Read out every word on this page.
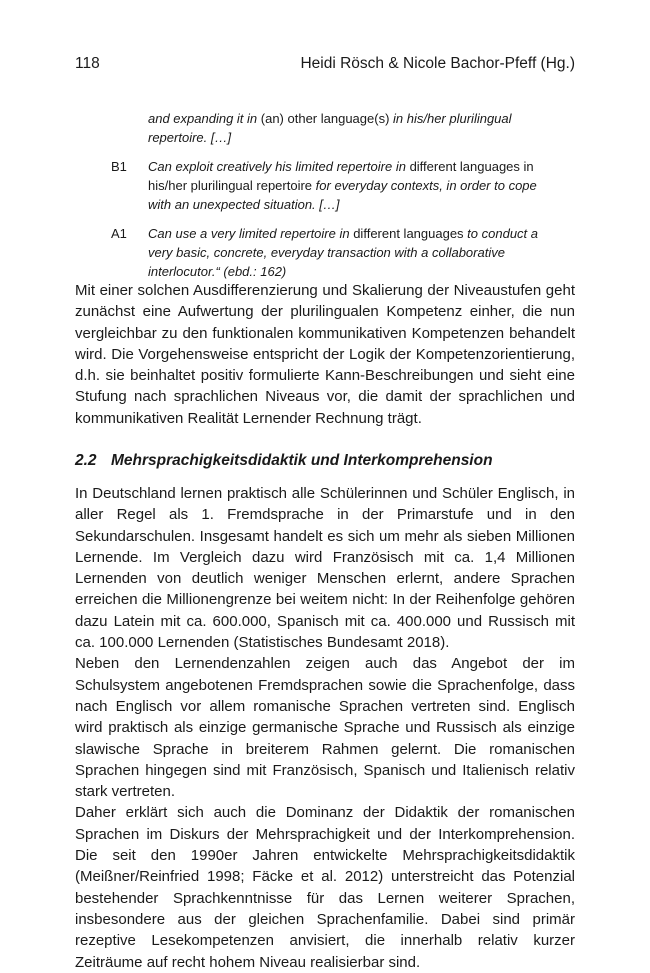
118	Heidi Rösch & Nicole Bachor-Pfeff (Hg.)

and expanding it in (an) other language(s) in his/her plurilingual repertoire. […]

B1	Can exploit creatively his limited repertoire in different languages in his/her plurilingual repertoire for everyday contexts, in order to cope with an unexpected situation. […]
A1	Can use a very limited repertoire in different languages to conduct a very basic, concrete, everyday transaction with a collaborative interlocutor.“ (ebd.: 162)

Mit einer solchen Ausdifferenzierung und Skalierung der Niveaustufen geht zunächst eine Aufwertung der plurilingualen Kompetenz einher, die nun vergleichbar zu den funktionalen kommunikativen Kompetenzen behandelt wird. Die Vorgehensweise entspricht der Logik der Kompetenzorientierung, d.h. sie beinhaltet positiv formulierte Kann-Beschreibungen und sieht eine Stufung nach sprachlichen Niveaus vor, die damit der sprachlichen und kommunikativen Realität Lernender Rechnung trägt.

2.2 Mehrsprachigkeitsdidaktik und Interkomprehension

In Deutschland lernen praktisch alle Schülerinnen und Schüler Englisch, in aller Regel als 1. Fremdsprache in der Primarstufe und in den Sekundarschulen. Insgesamt handelt es sich um mehr als sieben Millionen Lernende. Im Vergleich dazu wird Französisch mit ca. 1,4 Millionen Lernenden von deutlich weniger Menschen erlernt, andere Sprachen erreichen die Millionengrenze bei weitem nicht: In der Reihenfolge gehören dazu Latein mit ca. 600.000, Spanisch mit ca. 400.000 und Russisch mit ca. 100.000 Lernenden (Statistisches Bundesamt 2018).

Neben den Lernendenzahlen zeigen auch das Angebot der im Schulsystem angebotenen Fremdsprachen sowie die Sprachenfolge, dass nach Englisch vor allem romanische Sprachen vertreten sind. Englisch wird praktisch als einzige germanische Sprache und Russisch als einzige slawische Sprache in breiterem Rahmen gelernt. Die romanischen Sprachen hingegen sind mit Französisch, Spanisch und Italienisch relativ stark vertreten.

Daher erklärt sich auch die Dominanz der Didaktik der romanischen Sprachen im Diskurs der Mehrsprachigkeit und der Interkomprehension. Die seit den 1990er Jahren entwickelte Mehrsprachigkeitsdidaktik (Meißner/Reinfried 1998; Fäcke et al. 2012) unterstreicht das Potenzial bestehender Sprachkenntnisse für das Lernen weiterer Sprachen, insbesondere aus der gleichen Sprachenfamilie. Dabei sind primär rezeptive Lesekompetenzen anvisiert, die innerhalb relativ kurzer Zeiträume auf recht hohem Niveau realisierbar sind.
